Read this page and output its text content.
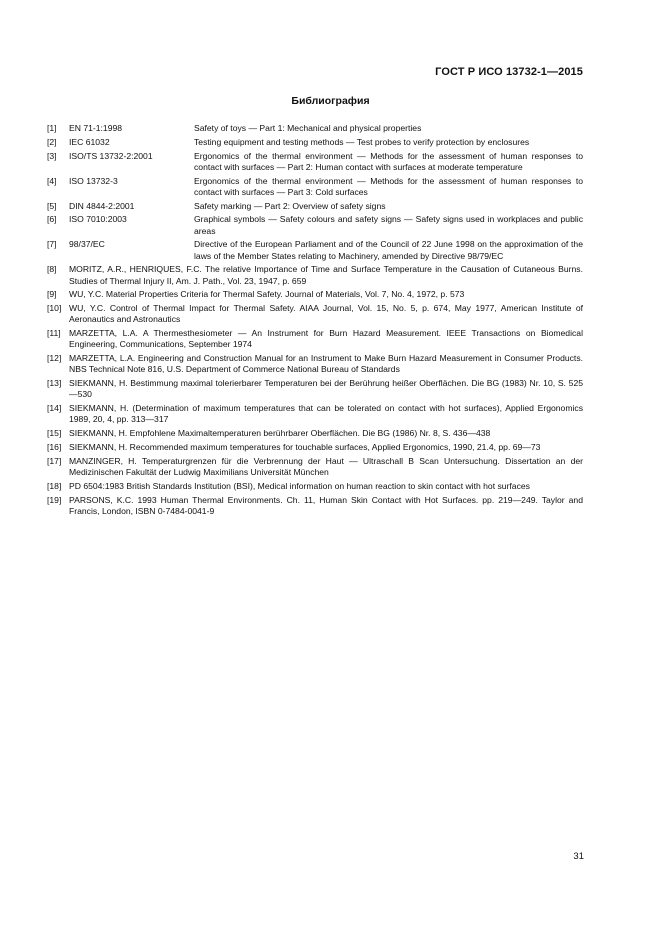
ГОСТ Р ИСО 13732-1—2015
Библиография
[1] EN 71-1:1998	Safety of toys — Part 1: Mechanical and physical properties
[2] IEC 61032	Testing equipment and testing methods — Test probes to verify protection by enclosures
[3] ISO/TS 13732-2:2001	Ergonomics of the thermal environment — Methods for the assessment of human responses to contact with surfaces — Part 2: Human contact with surfaces at moderate temperature
[4] ISO 13732-3	Ergonomics of the thermal environment — Methods for the assessment of human responses to contact with surfaces — Part 3: Cold surfaces
[5] DIN 4844-2:2001	Safety marking — Part 2: Overview of safety signs
[6] ISO 7010:2003	Graphical symbols — Safety colours and safety signs — Safety signs used in workplaces and public areas
[7] 98/37/EC	Directive of the European Parliament and of the Council of 22 June 1998 on the approximation of the laws of the Member States relating to Machinery, amended by Directive 98/79/EC
[8] MORITZ, A.R., HENRIQUES, F.C. The relative Importance of Time and Surface Temperature in the Causation of Cutaneous Burns. Studies of Thermal Injury II, Am. J. Path., Vol. 23, 1947, p. 659
[9] WU, Y.C. Material Properties Criteria for Thermal Safety. Journal of Materials, Vol. 7, No. 4, 1972, p. 573
[10] WU, Y.C. Control of Thermal Impact for Thermal Safety. AIAA Journal, Vol. 15, No. 5, p. 674, May 1977, American Institute of Aeronautics and Astronautics
[11] MARZETTA, L.A. A Thermesthesiometer — An Instrument for Burn Hazard Measurement. IEEE Transactions on Biomedical Engineering, Communications, September 1974
[12] MARZETTA, L.A. Engineering and Construction Manual for an Instrument to Make Burn Hazard Measurement in Consumer Products. NBS Technical Note 816, U.S. Department of Commerce National Bureau of Standards
[13] SIEKMANN, H. Bestimmung maximal tolerierbarer Temperaturen bei der Berührung heißer Oberflächen. Die BG (1983) Nr. 10, S. 525—530
[14] SIEKMANN, H. (Determination of maximum temperatures that can be tolerated on contact with hot surfaces), Applied Ergonomics 1989, 20, 4, pp. 313—317
[15] SIEKMANN, H. Empfohlene Maximaltemperaturen berührbarer Oberflächen. Die BG (1986) Nr. 8, S. 436—438
[16] SIEKMANN, H. Recommended maximum temperatures for touchable surfaces, Applied Ergonomics, 1990, 21.4, pp. 69—73
[17] MANZINGER, H. Temperaturgrenzen für die Verbrennung der Haut — Ultraschall B Scan Untersuchung. Dissertation an der Medizinischen Fakultät der Ludwig Maximilians Universität München
[18] PD 6504:1983 British Standards Institution (BSI), Medical information on human reaction to skin contact with hot surfaces
[19] PARSONS, K.C. 1993 Human Thermal Environments. Ch. 11, Human Skin Contact with Hot Surfaces. pp. 219—249. Taylor and Francis, London, ISBN 0-7484-0041-9
31
